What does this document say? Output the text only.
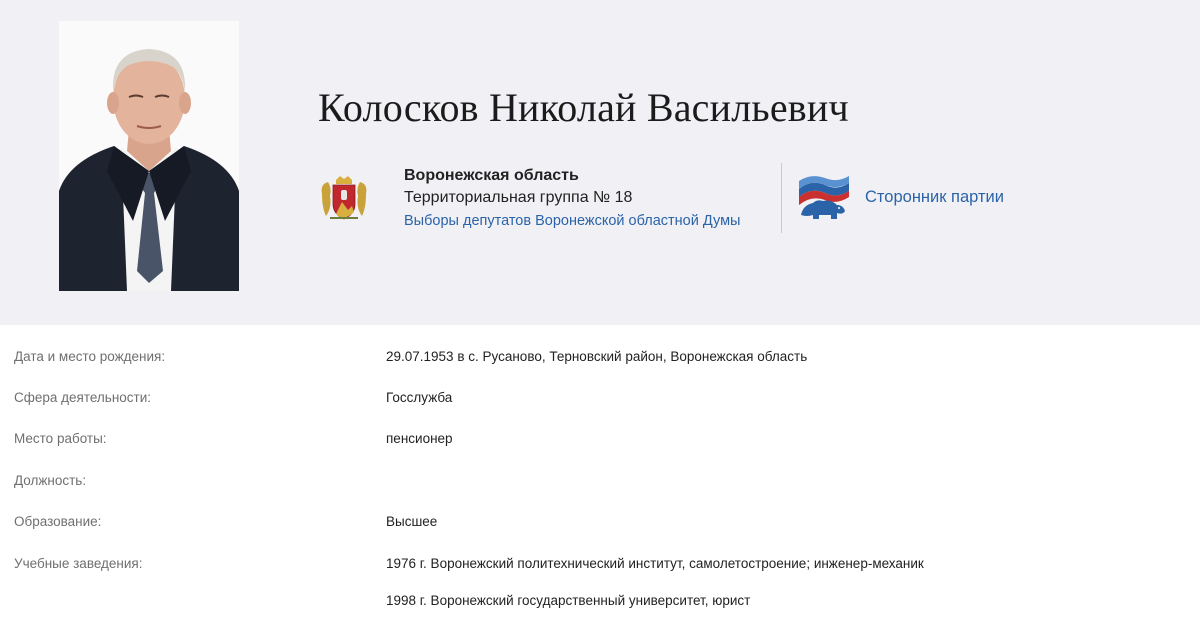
Колосков Николай Васильевич
Воронежская область
Территориальная группа № 18
Выборы депутатов Воронежской областной Думы
Сторонник партии
Дата и место рождения:	29.07.1953 в с. Русаново, Терновский район, Воронежская область
Сфера деятельности:	Госслужба
Место работы:	пенсионер
Должность:
Образование:	Высшее
Учебные заведения:	1976 г. Воронежский политехнический институт, самолетостроение; инженер-механик
1998 г. Воронежский государственный университет, юрист
